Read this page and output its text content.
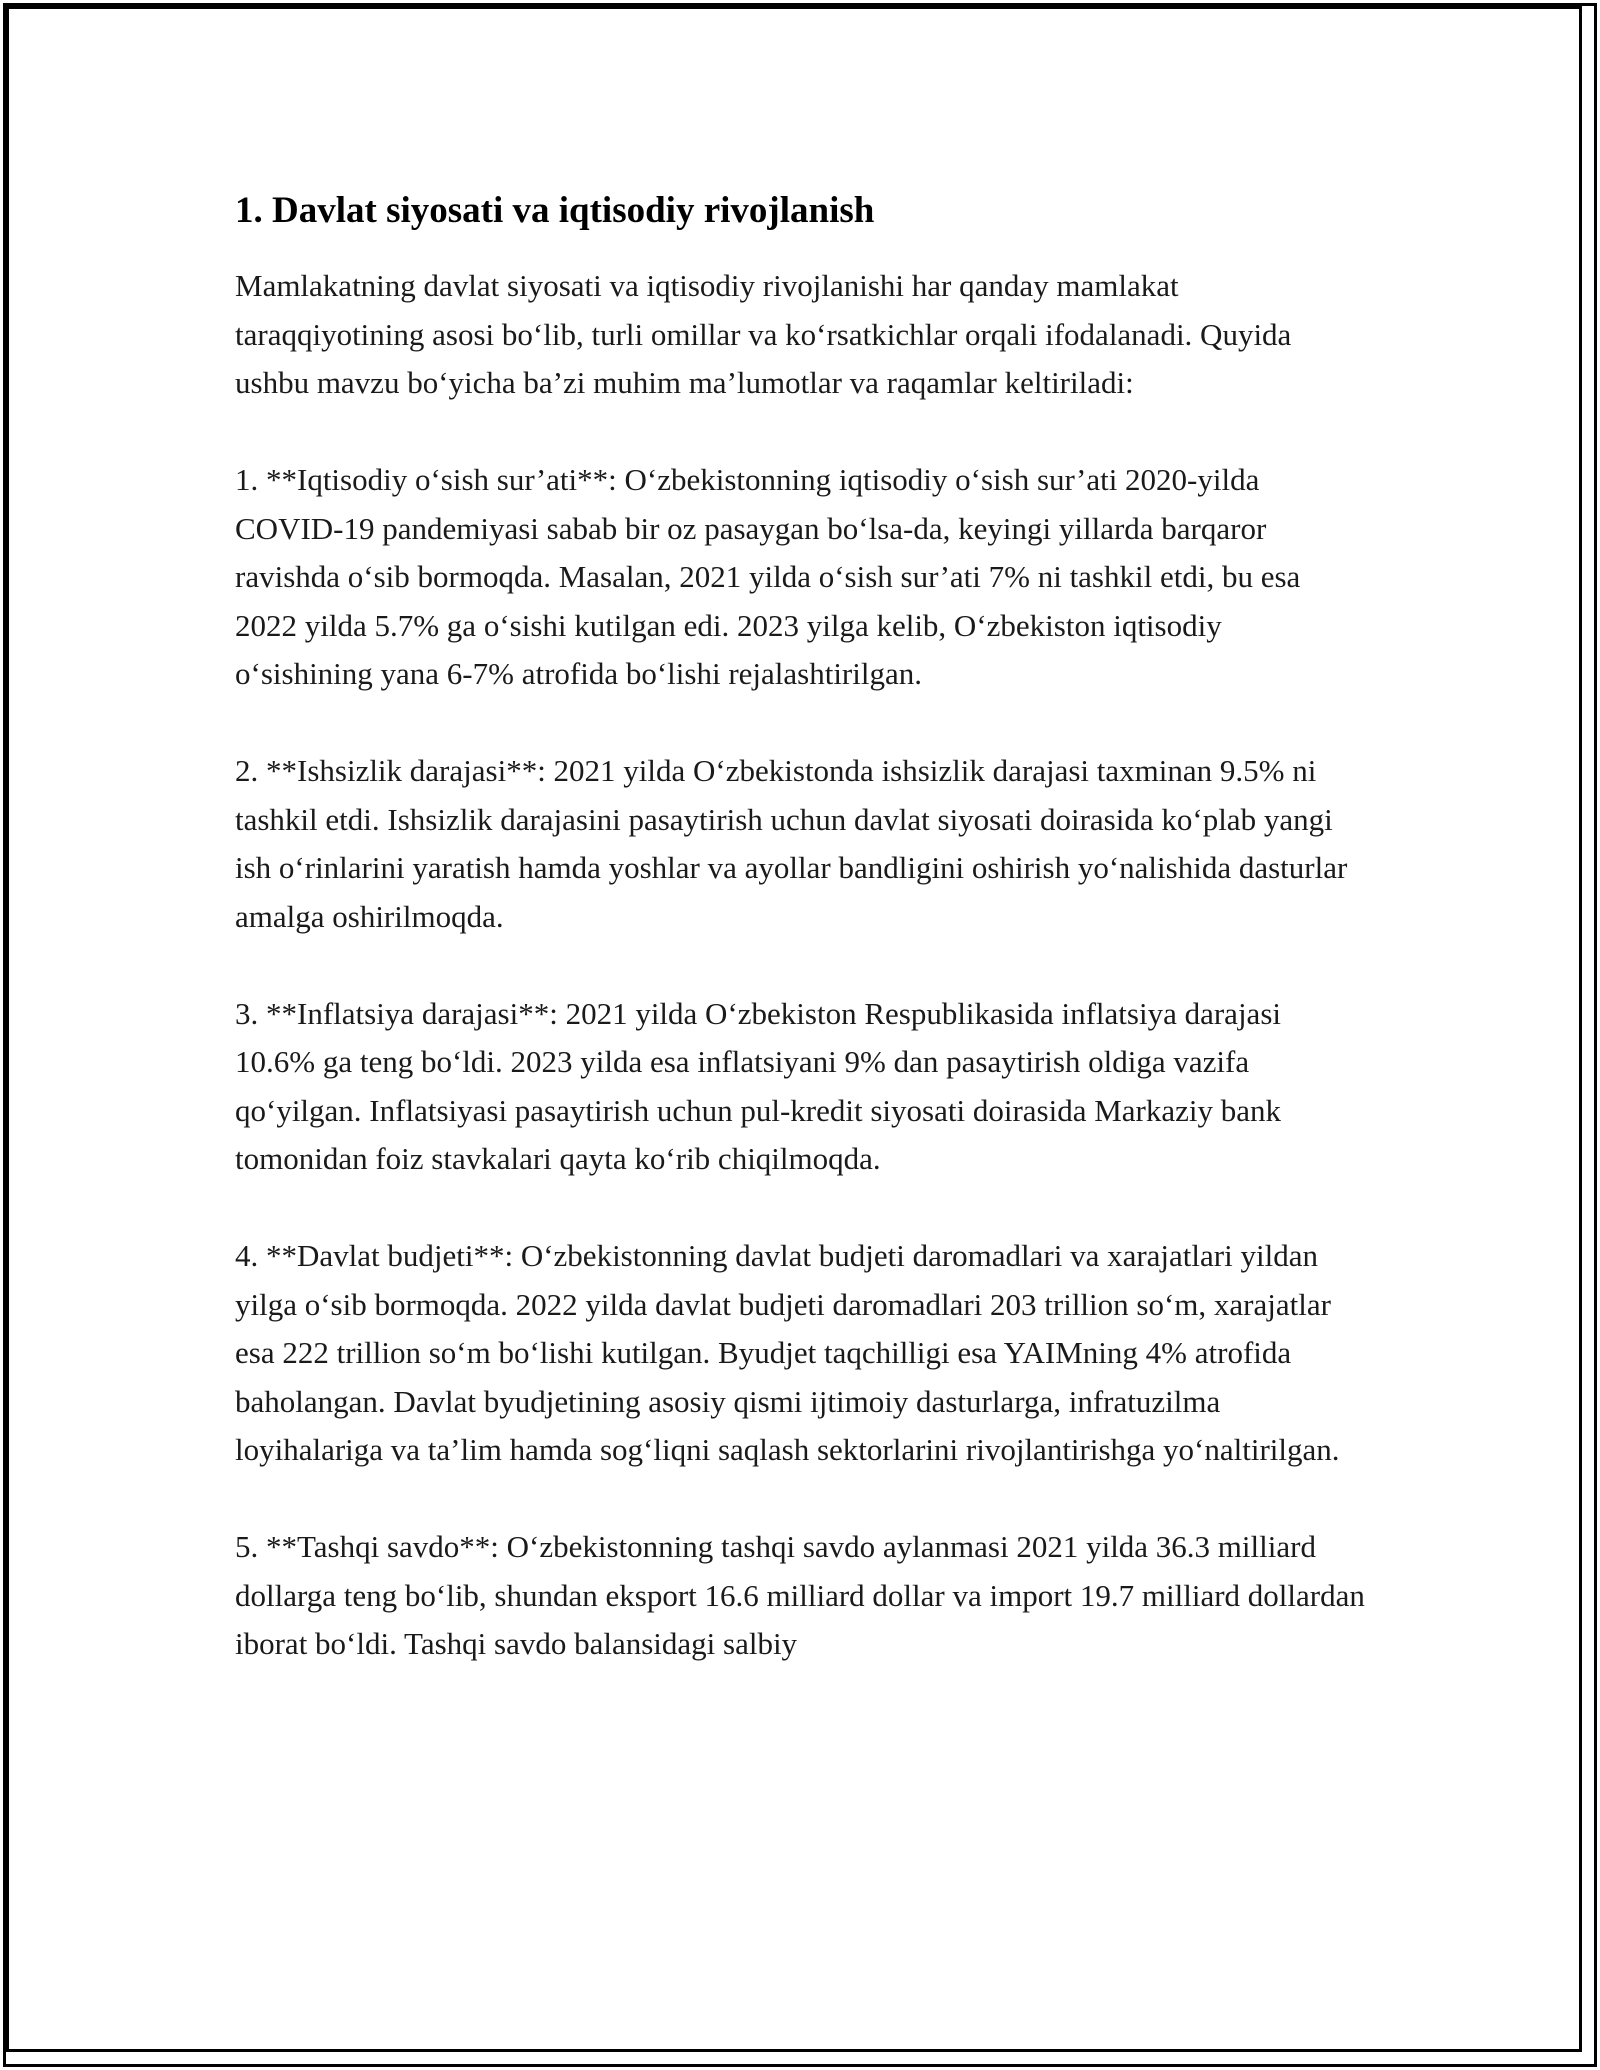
1. Davlat siyosati va iqtisodiy rivojlanish

Mamlakatning davlat siyosati va iqtisodiy rivojlanishi har qanday mamlakat taraqqiyotining asosi bo‘lib, turli omillar va ko‘rsatkichlar orqali ifodalanadi. Quyida ushbu mavzu bo‘yicha ba’zi muhim ma’lumotlar va raqamlar keltiriladi:

1. **Iqtisodiy o‘sish sur’ati**: O‘zbekistonning iqtisodiy o‘sish sur’ati 2020-yilda COVID-19 pandemiyasi sabab bir oz pasaygan bo‘lsa-da, keyingi yillarda barqaror ravishda o‘sib bormoqda. Masalan, 2021 yilda o‘sish sur’ati 7% ni tashkil etdi, bu esa 2022 yilda 5.7% ga o‘sishi kutilgan edi. 2023 yilga kelib, O‘zbekiston iqtisodiy o‘sishining yana 6-7% atrofida bo‘lishi rejalashtirilgan.

2. **Ishsizlik darajasi**: 2021 yilda O‘zbekistonda ishsizlik darajasi taxminan 9.5% ni tashkil etdi. Ishsizlik darajasini pasaytirish uchun davlat siyosati doirasida ko‘plab yangi ish o‘rinlarini yaratish hamda yoshlar va ayollar bandligini oshirish yo‘nalishida dasturlar amalga oshirilmoqda.

3. **Inflatsiya darajasi**: 2021 yilda O‘zbekiston Respublikasida inflatsiya darajasi 10.6% ga teng bo‘ldi. 2023 yilda esa inflatsiyani 9% dan pasaytirish oldiga vazifa qo‘yilgan. Inflatsiyasi pasaytirish uchun pul-kredit siyosati doirasida Markaziy bank tomonidan foiz stavkalari qayta ko‘rib chiqilmoqda.

4. **Davlat budjeti**: O‘zbekistonning davlat budjeti daromadlari va xarajatlari yildan yilga o‘sib bormoqda. 2022 yilda davlat budjeti daromadlari 203 trillion so‘m, xarajatlar esa 222 trillion so‘m bo‘lishi kutilgan. Byudjet taqchilligi esa YAIMning 4% atrofida baholangan. Davlat byudjetining asosiy qismi ijtimoiy dasturlarga, infratuzilma loyihalariga va ta’lim hamda sog‘liqni saqlash sektorlarini rivojlantirishga yo‘naltirilgan.

5. **Tashqi savdo**: O‘zbekistonning tashqi savdo aylanmasi 2021 yilda 36.3 milliard dollarga teng bo‘lib, shundan eksport 16.6 milliard dollar va import 19.7 milliard dollardan iborat bo‘ldi. Tashqi savdo balansidagi salbiy
